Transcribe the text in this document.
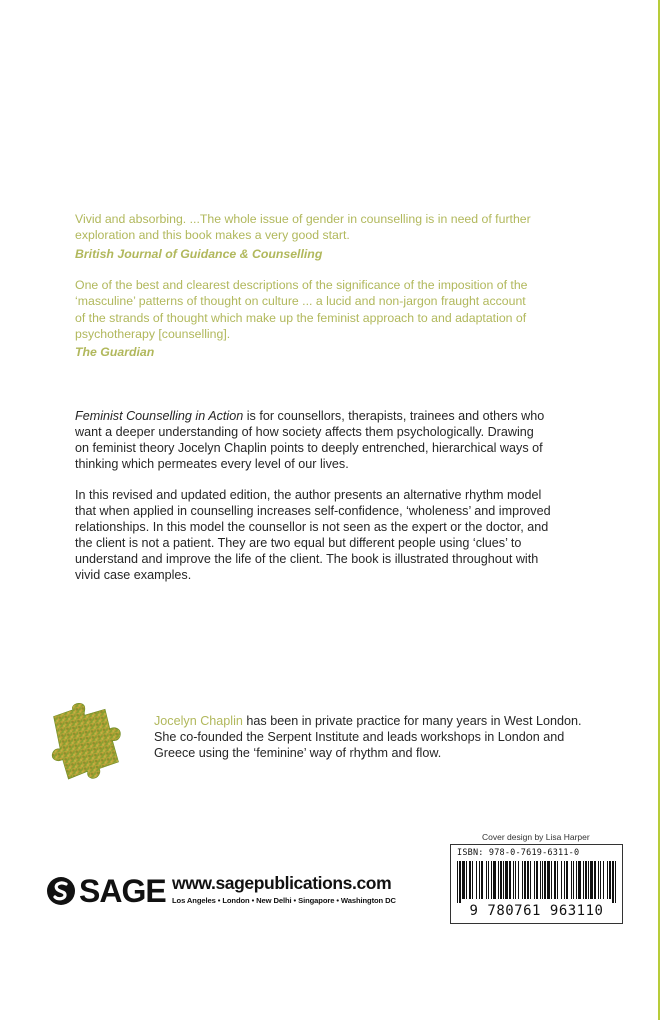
Vivid and absorbing. ...The whole issue of gender in counselling is in need of further
exploration and this book makes a very good start.
British Journal of Guidance & Counselling
One of the best and clearest descriptions of the significance of the imposition of the
‘masculine’ patterns of thought on culture ... a lucid and non-jargon fraught account
of the strands of thought which make up the feminist approach to and adaptation of
psychotherapy [counselling].
The Guardian
Feminist Counselling in Action is for counsellors, therapists, trainees and others who
want a deeper understanding of how society affects them psychologically. Drawing
on feminist theory Jocelyn Chaplin points to deeply entrenched, hierarchical ways of
thinking which permeates every level of our lives.
In this revised and updated edition, the author presents an alternative rhythm model
that when applied in counselling increases self-confidence, ‘wholeness’ and improved
relationships. In this model the counsellor is not seen as the expert or the doctor, and
the client is not a patient. They are two equal but different people using ‘clues’ to
understand and improve the life of the client. The book is illustrated throughout with
vivid case examples.
Jocelyn Chaplin has been in private practice for many years in West London.
She co-founded the Serpent Institute and leads workshops in London and
Greece using the ‘feminine’ way of rhythm and flow.
SAGE www.sagepublications.com
Los Angeles • London • New Delhi • Singapore • Washington DC
Cover design by Lisa Harper
ISBN: 978-0-7619-6311-0
9 780761 963110
